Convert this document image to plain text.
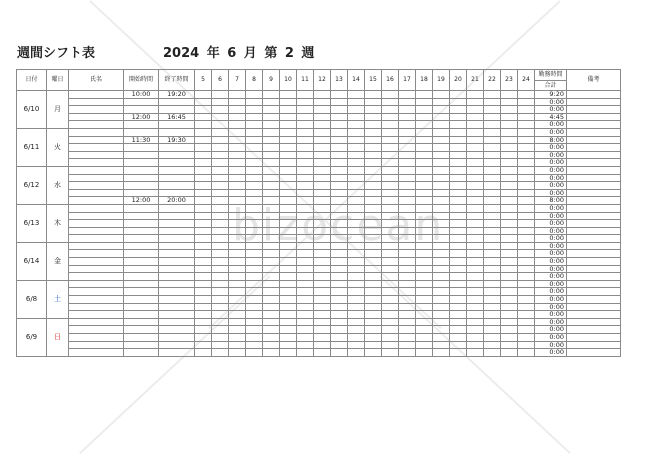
bizocean
週間シフト表	2024 年 6 月 第 2 週
日付	曜日	氏名	開始時間	終了時間	5	6	7	8	9	10	11	12	13	14	15	16	17	18	19	20	21	22	23	24	勤務時間	備考
																									合計	
6/10	月		10:00	19:20																					9:20	
																									0:00	
																									0:00	
			12:00	16:45																					4:45	
																									0:00	
6/11	火																								0:00	
			11:30	19:30																					8:00	
																									0:00	
																									0:00	
																									0:00	
6/12	水																								0:00	
																									0:00	
																									0:00	
																									0:00	
			12:00	20:00																					8:00	
6/13	木																								0:00	
																									0:00	
																									0:00	
																									0:00	
																									0:00	
6/14	金																								0:00	
																									0:00	
																									0:00	
																									0:00	
																									0:00	
6/8	土																								0:00	
																									0:00	
																									0:00	
																									0:00	
																									0:00	
6/9	日																								0:00	
																									0:00	
																									0:00	
																									0:00	
																									0:00	
